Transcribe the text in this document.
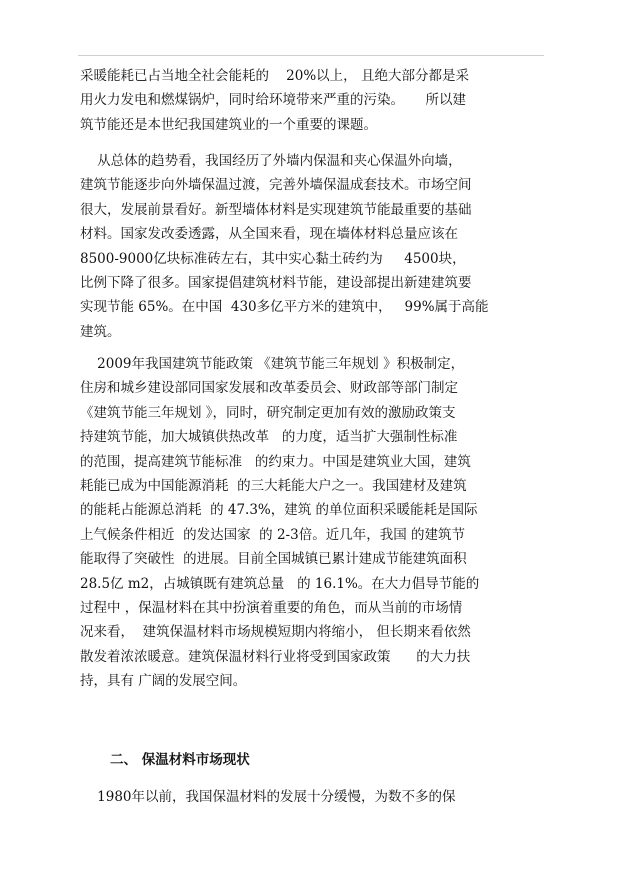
采暖能耗已占当地全社会能耗的    20%以上， 且绝大部分都是采
用火力发电和燃煤锅炉，同时给环境带来严重的污染。     所以建
筑节能还是本世纪我国建筑业的一个重要的课题。
从总体的趋势看，我国经历了外墙内保温和夹心保温外向墙，
建筑节能逐步向外墙保温过渡，完善外墙保温成套技术。市场空间
很大，发展前景看好。新型墙体材料是实现建筑节能最重要的基础
材料。国家发改委透露，从全国来看，现在墙体材料总量应该在
8500-9000亿块标准砖左右，其中实心黏土砖约为     4500块，
比例下降了很多。国家提倡建筑材料节能，建设部提出新建建筑要
实现节能 65%。在中国  430多亿平方米的建筑中，   99%属于高能
建筑。
2009年我国建筑节能政策 《建筑节能三年规划 》积极制定，
住房和城乡建设部同国家发展和改革委员会、财政部等部门制定
《建筑节能三年规划 》，同时，研究制定更加有效的激励政策支
持建筑节能，加大城镇供热改革   的力度，适当扩大强制性标准
的范围，提高建筑节能标准   的约束力。中国是建筑业大国，建筑
耗能已成为中国能源消耗  的三大耗能大户之一。我国建材及建筑
的能耗占能源总消耗  的 47.3%，建筑 的单位面积采暖能耗是国际
上气候条件相近  的发达国家  的 2-3倍。近几年，我国 的建筑节
能取得了突破性  的进展。目前全国城镇已累计建成节能建筑面积
28.5亿 m2，占城镇既有建筑总量   的 16.1%。在大力倡导节能的
过程中 ，保温材料在其中扮演着重要的角色，而从当前的市场情
况来看，  建筑保温材料市场规模短期内将缩小， 但长期来看依然
散发着浓浓暖意。建筑保温材料行业将受到国家政策      的大力扶
持，具有 广阔的发展空间。
二、 保温材料市场现状
1980年以前，我国保温材料的发展十分缓慢，为数不多的保
